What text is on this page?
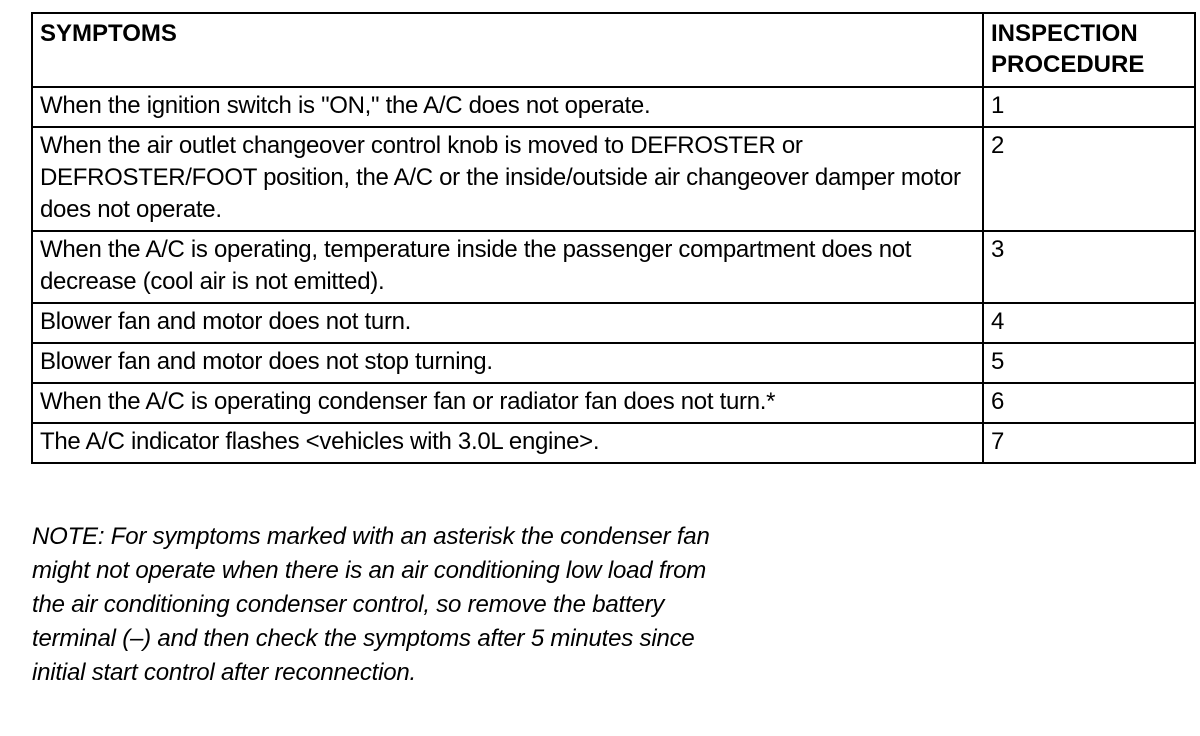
SYMPTOMS	INSPECTION PROCEDURE
When the ignition switch is "ON," the A/C does not operate.	1
When the air outlet changeover control knob is moved to DEFROSTER or DEFROSTER/FOOT position, the A/C or the inside/outside air changeover damper motor does not operate.	2
When the A/C is operating, temperature inside the passenger compartment does not decrease (cool air is not emitted).	3
Blower fan and motor does not turn.	4
Blower fan and motor does not stop turning.	5
When the A/C is operating condenser fan or radiator fan does not turn.*	6
The A/C indicator flashes <vehicles with 3.0L engine>.	7

NOTE: For symptoms marked with an asterisk the condenser fan might not operate when there is an air conditioning low load from the air conditioning condenser control, so remove the battery terminal (–) and then check the symptoms after 5 minutes since initial start control after reconnection.
